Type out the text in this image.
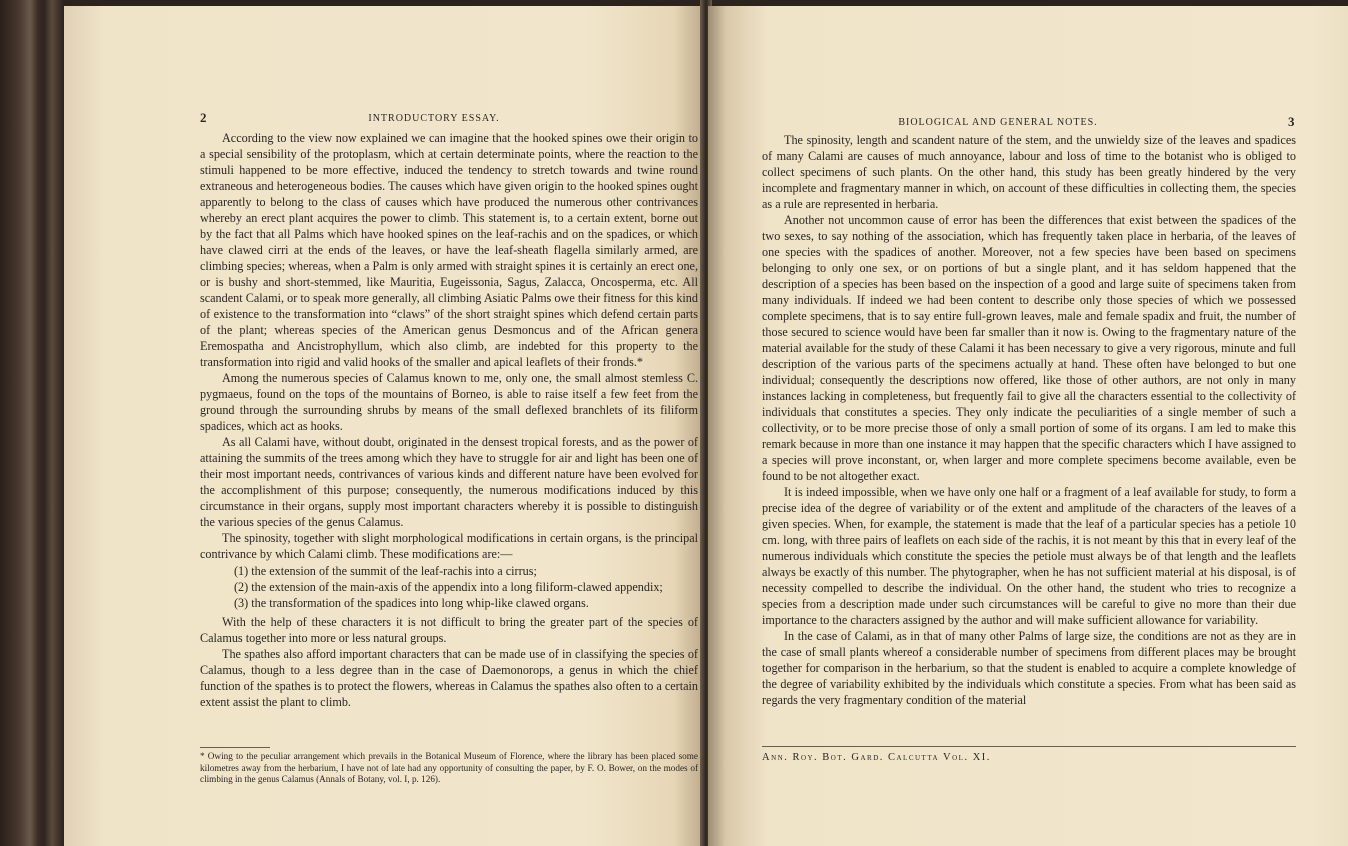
2	INTRODUCTORY ESSAY.

According to the view now explained we can imagine that the hooked spines owe their origin to a special sensibility of the protoplasm, which at certain determinate points, where the reaction to the stimuli happened to be more effective, induced the tendency to stretch towards and twine round extraneous and heterogeneous bodies. The causes which have given origin to the hooked spines ought apparently to belong to the class of causes which have produced the numerous other contrivances whereby an erect plant acquires the power to climb. This statement is, to a certain extent, borne out by the fact that all Palms which have hooked spines on the leaf-rachis and on the spadices, or which have clawed cirri at the ends of the leaves, or have the leaf-sheath flagella similarly armed, are climbing species; whereas, when a Palm is only armed with straight spines it is certainly an erect one, or is bushy and short-stemmed, like Mauritia, Eugeissonia, Sagus, Zalacca, Oncosperma, etc. All scandent Calami, or to speak more generally, all climbing Asiatic Palms owe their fitness for this kind of existence to the transformation into “claws” of the short straight spines which defend certain parts of the plant; whereas species of the American genus Desmoncus and of the African genera Eremospatha and Ancistrophyllum, which also climb, are indebted for this property to the transformation into rigid and valid hooks of the smaller and apical leaflets of their fronds.*

Among the numerous species of Calamus known to me, only one, the small almost stemless C. pygmaeus, found on the tops of the mountains of Borneo, is able to raise itself a few feet from the ground through the surrounding shrubs by means of the small deflexed branchlets of its filiform spadices, which act as hooks.

As all Calami have, without doubt, originated in the densest tropical forests, and as the power of attaining the summits of the trees among which they have to struggle for air and light has been one of their most important needs, contrivances of various kinds and different nature have been evolved for the accomplishment of this purpose; consequently, the numerous modifications induced by this circumstance in their organs, supply most important characters whereby it is possible to distinguish the various species of the genus Calamus.

The spinosity, together with slight morphological modifications in certain organs, is the principal contrivance by which Calami climb. These modifications are:—

(1) the extension of the summit of the leaf-rachis into a cirrus;
(2) the extension of the main-axis of the appendix into a long filiform-clawed appendix;
(3) the transformation of the spadices into long whip-like clawed organs.

With the help of these characters it is not difficult to bring the greater part of the species of Calamus together into more or less natural groups.

The spathes also afford important characters that can be made use of in classifying the species of Calamus, though to a less degree than in the case of Daemonorops, a genus in which the chief function of the spathes is to protect the flowers, whereas in Calamus the spathes also often to a certain extent assist the plant to climb.

* Owing to the peculiar arrangement which prevails in the Botanical Museum of Florence, where the library has been placed some kilometres away from the herbarium, I have not of late had any opportunity of consulting the paper, by F. O. Bower, on the modes of climbing in the genus Calamus (Annals of Botany, vol. I, p. 126).
BIOLOGICAL AND GENERAL NOTES.	3

The spinosity, length and scandent nature of the stem, and the unwieldy size of the leaves and spadices of many Calami are causes of much annoyance, labour and loss of time to the botanist who is obliged to collect specimens of such plants. On the other hand, this study has been greatly hindered by the very incomplete and fragmentary manner in which, on account of these difficulties in collecting them, the species as a rule are represented in herbaria.

Another not uncommon cause of error has been the differences that exist between the spadices of the two sexes, to say nothing of the association, which has frequently taken place in herbaria, of the leaves of one species with the spadices of another. Moreover, not a few species have been based on specimens belonging to only one sex, or on portions of but a single plant, and it has seldom happened that the description of a species has been based on the inspection of a good and large suite of specimens taken from many individuals. If indeed we had been content to describe only those species of which we possessed complete specimens, that is to say entire full-grown leaves, male and female spadix and fruit, the number of those secured to science would have been far smaller than it now is. Owing to the fragmentary nature of the material available for the study of these Calami it has been necessary to give a very rigorous, minute and full description of the various parts of the specimens actually at hand. These often have belonged to but one individual; consequently the descriptions now offered, like those of other authors, are not only in many instances lacking in completeness, but frequently fail to give all the characters essential to the collectivity of individuals that constitutes a species. They only indicate the peculiarities of a single member of such a collectivity, or to be more precise those of only a small portion of some of its organs. I am led to make this remark because in more than one instance it may happen that the specific characters which I have assigned to a species will prove inconstant, or, when larger and more complete specimens become available, even be found to be not altogether exact.

It is indeed impossible, when we have only one half or a fragment of a leaf available for study, to form a precise idea of the degree of variability or of the extent and amplitude of the characters of the leaves of a given species. When, for example, the statement is made that the leaf of a particular species has a petiole 10 cm. long, with three pairs of leaflets on each side of the rachis, it is not meant by this that in every leaf of the numerous individuals which constitute the species the petiole must always be of that length and the leaflets always be exactly of this number. The phytographer, when he has not sufficient material at his disposal, is of necessity compelled to describe the individual. On the other hand, the student who tries to recognize a species from a description made under such circumstances will be careful to give no more than their due importance to the characters assigned by the author and will make sufficient allowance for variability.

In the case of Calami, as in that of many other Palms of large size, the conditions are not as they are in the case of small plants whereof a considerable number of specimens from different places may be brought together for comparison in the herbarium, so that the student is enabled to acquire a complete knowledge of the degree of variability exhibited by the individuals which constitute a species. From what has been said as regards the very fragmentary condition of the material

Ann. Roy. Bot. Gard. Calcutta Vol. XI.
